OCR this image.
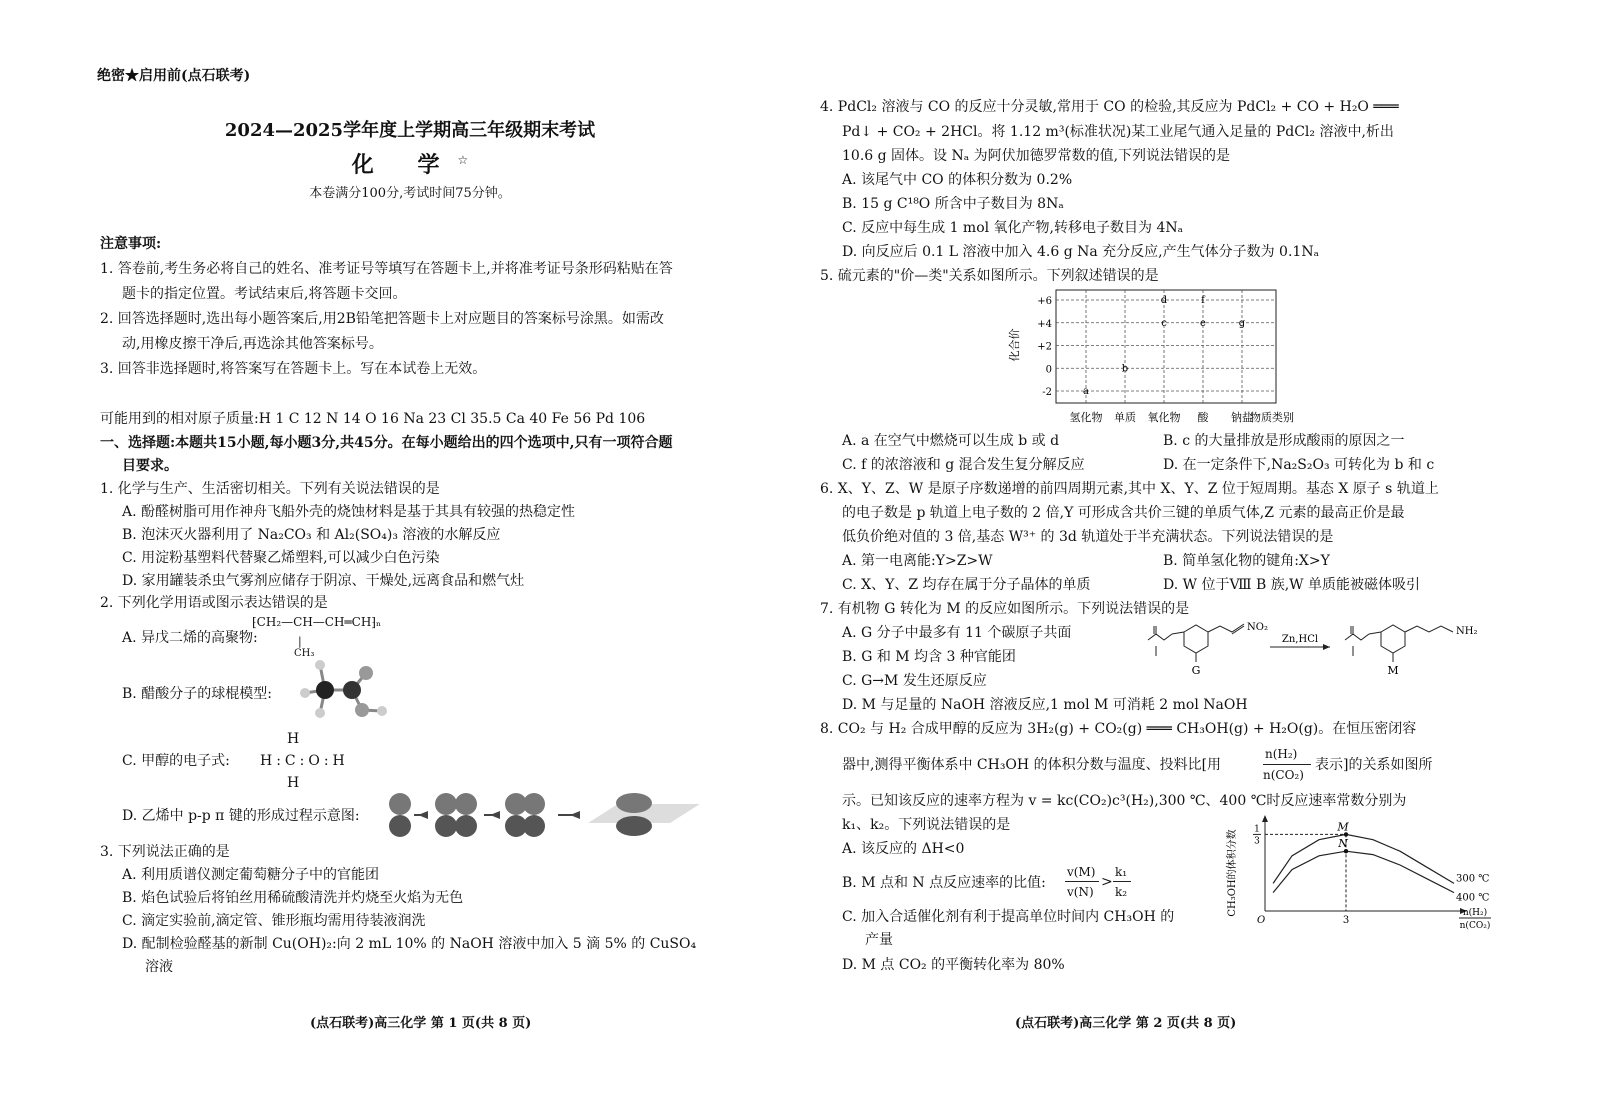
绝密★启用前(点石联考)
2024—2025学年度上学期高三年级期末考试
化 学☆
本卷满分100分,考试时间75分钟。
注意事项:
1. 答卷前,考生务必将自己的姓名、准考证号等填写在答题卡上,并将准考证号条形码粘贴在答
题卡的指定位置。考试结束后,将答题卡交回。
2. 回答选择题时,选出每小题答案后,用2B铅笔把答题卡上对应题目的答案标号涂黑。如需改
动,用橡皮擦干净后,再选涂其他答案标号。
3. 回答非选择题时,将答案写在答题卡上。写在本试卷上无效。
可能用到的相对原子质量:H 1 C 12 N 14 O 16 Na 23 Cl 35.5 Ca 40 Fe 56 Pd 106
一、选择题:本题共15小题,每小题3分,共45分。在每小题给出的四个选项中,只有一项符合题
目要求。
1. 化学与生产、生活密切相关。下列有关说法错误的是
A. 酚醛树脂可用作神舟飞船外壳的烧蚀材料是基于其具有较强的热稳定性
B. 泡沫灭火器利用了 Na₂CO₃ 和 Al₂(SO₄)₃ 溶液的水解反应
C. 用淀粉基塑料代替聚乙烯塑料,可以减少白色污染
D. 家用罐装杀虫气雾剂应储存于阴凉、干燥处,远离食品和燃气灶
2. 下列化学用语或图示表达错误的是
A. 异戊二烯的高聚物:
⁅CH₂—CH—CH═CH⁆ₙ
|
CH₃
B. 醋酸分子的球棍模型:
C. 甲醇的电子式: H:C:O:H
H
H
D. 乙烯中 p-p π 键的形成过程示意图:
3. 下列说法正确的是
A. 利用质谱仪测定葡萄糖分子中的官能团
B. 焰色试验后将铂丝用稀硫酸清洗并灼烧至火焰为无色
C. 滴定实验前,滴定管、锥形瓶均需用待装液润洗
D. 配制检验醛基的新制 Cu(OH)₂:向 2 mL 10% 的 NaOH 溶液中加入 5 滴 5% 的 CuSO₄
溶液
(点石联考)高三化学 第 1 页(共 8 页)
4. PdCl₂ 溶液与 CO 的反应十分灵敏,常用于 CO 的检验,其反应为 PdCl₂ + CO + H₂O ═══
Pd↓ + CO₂ + 2HCl。将 1.12 m³(标准状况)某工业尾气通入足量的 PdCl₂ 溶液中,析出
10.6 g 固体。设 Nₐ 为阿伏加德罗常数的值,下列说法错误的是
A. 该尾气中 CO 的体积分数为 0.2%
B. 15 g C¹⁸O 所含中子数目为 8Nₐ
C. 反应中每生成 1 mol 氧化产物,转移电子数目为 4Nₐ
D. 向反应后 0.1 L 溶液中加入 4.6 g Na 充分反应,产生气体分子数为 0.1Nₐ
5. 硫元素的"价—类"关系如图所示。下列叙述错误的是
化合价
+6
+4
+2
0
-2
氢化物 单质 氧化物 酸 钠盐
a
b
c
d
e
f
g
物质类别
A. a 在空气中燃烧可以生成 b 或 d	B. c 的大量排放是形成酸雨的原因之一
C. f 的浓溶液和 g 混合发生复分解反应	D. 在一定条件下,Na₂S₂O₃ 可转化为 b 和 c
6. X、Y、Z、W 是原子序数递增的前四周期元素,其中 X、Y、Z 位于短周期。基态 X 原子 s 轨道上
的电子数是 p 轨道上电子数的 2 倍,Y 可形成含共价三键的单质气体,Z 元素的最高正价是最
低负价绝对值的 3 倍,基态 W³⁺ 的 3d 轨道处于半充满状态。下列说法错误的是
A. 第一电离能:Y>Z>W	B. 简单氢化物的键角:X>Y
C. X、Y、Z 均存在属于分子晶体的单质	D. W 位于Ⅷ B 族,W 单质能被磁体吸引
7. 有机物 G 转化为 M 的反应如图所示。下列说法错误的是
A. G 分子中最多有 11 个碳原子共面
B. G 和 M 均含 3 种官能团
C. G→M 发生还原反应
D. M 与足量的 NaOH 溶液反应,1 mol M 可消耗 2 mol NaOH
NO₂
G
Zn,HCl
NH₂
M
8. CO₂ 与 H₂ 合成甲醇的反应为 3H₂(g) + CO₂(g) ═══ CH₃OH(g) + H₂O(g)。在恒压密闭容
器中,测得平衡体系中 CH₃OH 的体积分数与温度、投料比[用
n(H₂)
n(CO₂)
表示]的关系如图所
示。已知该反应的速率方程为 v = kc(CO₂)c³(H₂),300 ℃、400 ℃时反应速率常数分别为
k₁、k₂。下列说法错误的是
A. 该反应的 ΔH<0
B. M 点和 N 点反应速率的比值:
v(M)
v(N)
>
k₁
k₂
C. 加入合适催化剂有利于提高单位时间内 CH₃OH 的
产量
D. M 点 CO₂ 的平衡转化率为 80%
CH₃OH的体积分数	300 ℃
400 ℃
M
N
1
3
3
O
n(H₂)
n(CO₂)
(点石联考)高三化学 第 2 页(共 8 页)
